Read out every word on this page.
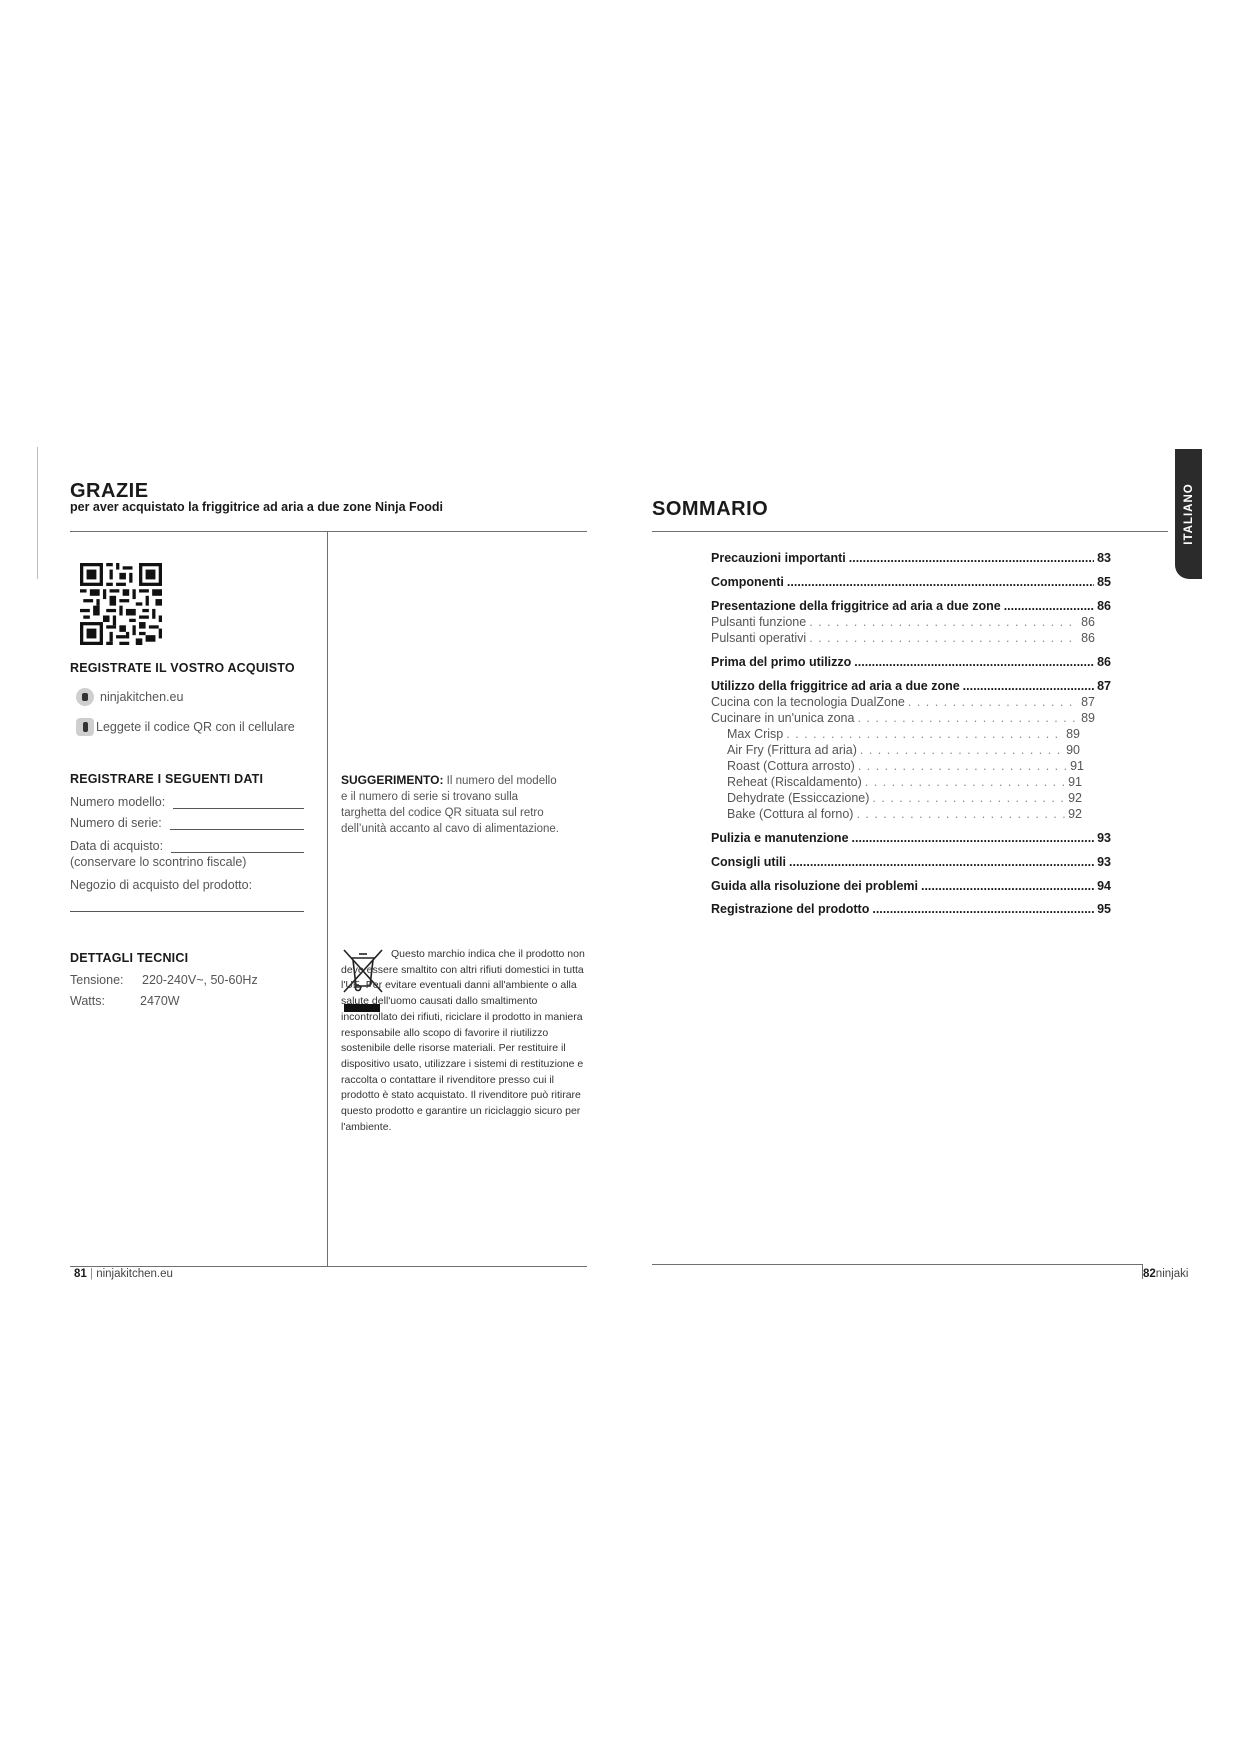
GRAZIE
per aver acquistato la friggitrice ad aria a due zone Ninja Foodi
REGISTRATE IL VOSTRO ACQUISTO
ninjakitchen.eu
Leggete il codice QR con il cellulare
REGISTRARE I SEGUENTI DATI
Numero modello:
Numero di serie:
Data di acquisto:
(conservare lo scontrino fiscale)
Negozio di acquisto del prodotto:
DETTAGLI TECNICI
Tensione: 220-240V~, 50-60Hz
Watts:	2470W
SUGGERIMENTO: Il numero del modello e il numero di serie si trovano sulla targhetta del codice QR situata sul retro dell’unità accanto al cavo di alimentazione.
Questo marchio indica che il prodotto non deve essere smaltito con altri rifiuti domestici in tutta l'UE. Per evitare eventuali danni all'ambiente o alla salute dell'uomo causati dallo smaltimento incontrollato dei rifiuti, riciclare il prodotto in maniera responsabile allo scopo di favorire il riutilizzo sostenibile delle risorse materiali. Per restituire il dispositivo usato, utilizzare i sistemi di restituzione e raccolta o contattare il rivenditore presso cui il prodotto è stato acquistato. Il rivenditore può ritirare questo prodotto e garantire un riciclaggio sicuro per l'ambiente.
81 | ninjakitchen.eu
SOMMARIO	ITALIANO
Precauzioni importanti .....	83
Componenti .....	85
Presentazione della friggitrice ad aria a due zone .....	86
Pulsanti funzione . . .	86
Pulsanti operativi . . .	86
Prima del primo utilizzo .....	86
Utilizzo della friggitrice ad aria a due zone .....	87
Cucina con la tecnologia DualZone . . .	87
Cucinare in un'unica zona . . .	89
Max Crisp . . .	89
Air Fry (Frittura ad aria) . . .	90
Roast (Cottura arrosto) . . .	91
Reheat (Riscaldamento) . . .	91
Dehydrate (Essiccazione) . . .	92
Bake (Cottura al forno) . . .	92
Pulizia e manutenzione .....	93
Consigli utili .....	93
Guida alla risoluzione dei problemi .....	94
Registrazione del prodotto .....	95
82ninjaki
